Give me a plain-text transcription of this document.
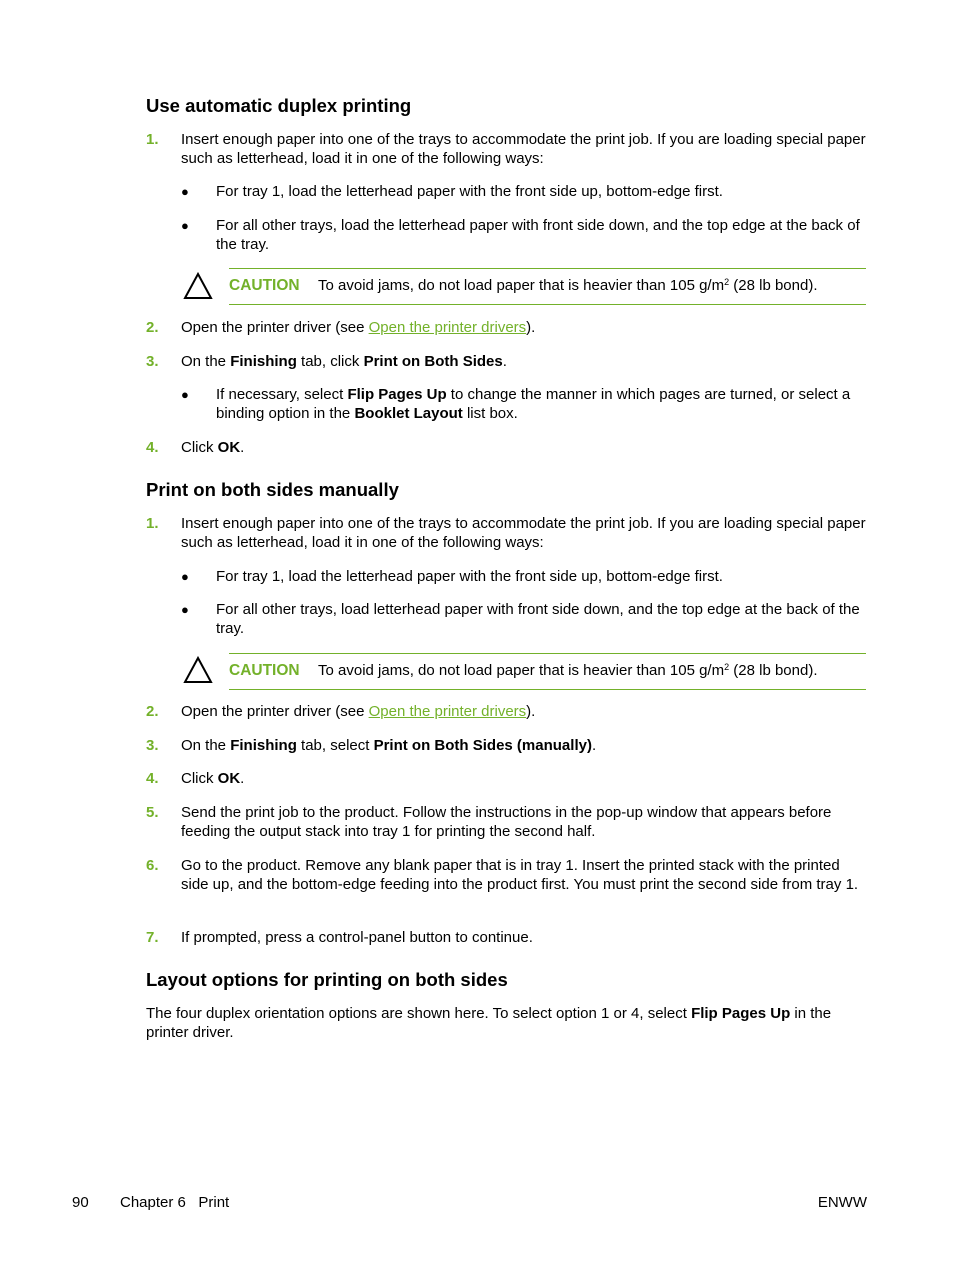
Use automatic duplex printing
1.	Insert enough paper into one of the trays to accommodate the print job. If you are loading special paper such as letterhead, load it in one of the following ways:
● For tray 1, load the letterhead paper with the front side up, bottom-edge first.
● For all other trays, load the letterhead paper with front side down, and the top edge at the back of the tray.
CAUTION To avoid jams, do not load paper that is heavier than 105 $g/m^2$ (28 lb bond).
2.	Open the printer driver (see Open the printer drivers).
3.	On the Finishing tab, click Print on Both Sides.
● If necessary, select Flip Pages Up to change the manner in which pages are turned, or select a binding option in the Booklet Layout list box.
4.	Click OK.
Print on both sides manually
1.	Insert enough paper into one of the trays to accommodate the print job. If you are loading special paper such as letterhead, load it in one of the following ways:
● For tray 1, load the letterhead paper with the front side up, bottom-edge first.
● For all other trays, load letterhead paper with front side down, and the top edge at the back of the tray.
CAUTION To avoid jams, do not load paper that is heavier than 105 $g/m^2$ (28 lb bond).
2.	Open the printer driver (see Open the printer drivers).
3.	On the Finishing tab, select Print on Both Sides (manually).
4.	Click OK.
5.	Send the print job to the product. Follow the instructions in the pop-up window that appears before feeding the output stack into tray 1 for printing the second half.
6.	Go to the product. Remove any blank paper that is in tray 1. Insert the printed stack with the printed side up, and the bottom-edge feeding into the product first. You must print the second side from tray 1.
7.	If prompted, press a control-panel button to continue.
Layout options for printing on both sides
The four duplex orientation options are shown here. To select option 1 or 4, select Flip Pages Up in the printer driver.
90 Chapter 6   Print	ENWW
